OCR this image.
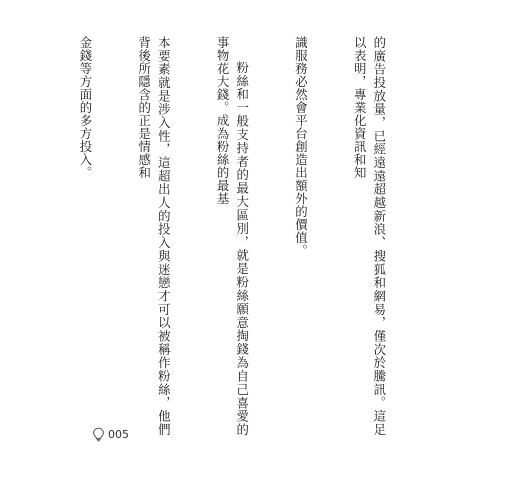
的廣告投放量，已經遠遠超越新浪、搜狐和網易，僅次於騰訊。這足以表明，專業化資訊和知

識服務必然會平台創造出額外的價值。

粉絲和一般支持者的最大區別，就是粉絲願意掏錢為自己喜愛的事物花大錢。成為粉絲的最基

本要素就是涉入性，這超出人的投入與迷戀才可以被稱作粉絲，他們背後所隱含的正是情感和

金錢等方面的多方投入。

005
